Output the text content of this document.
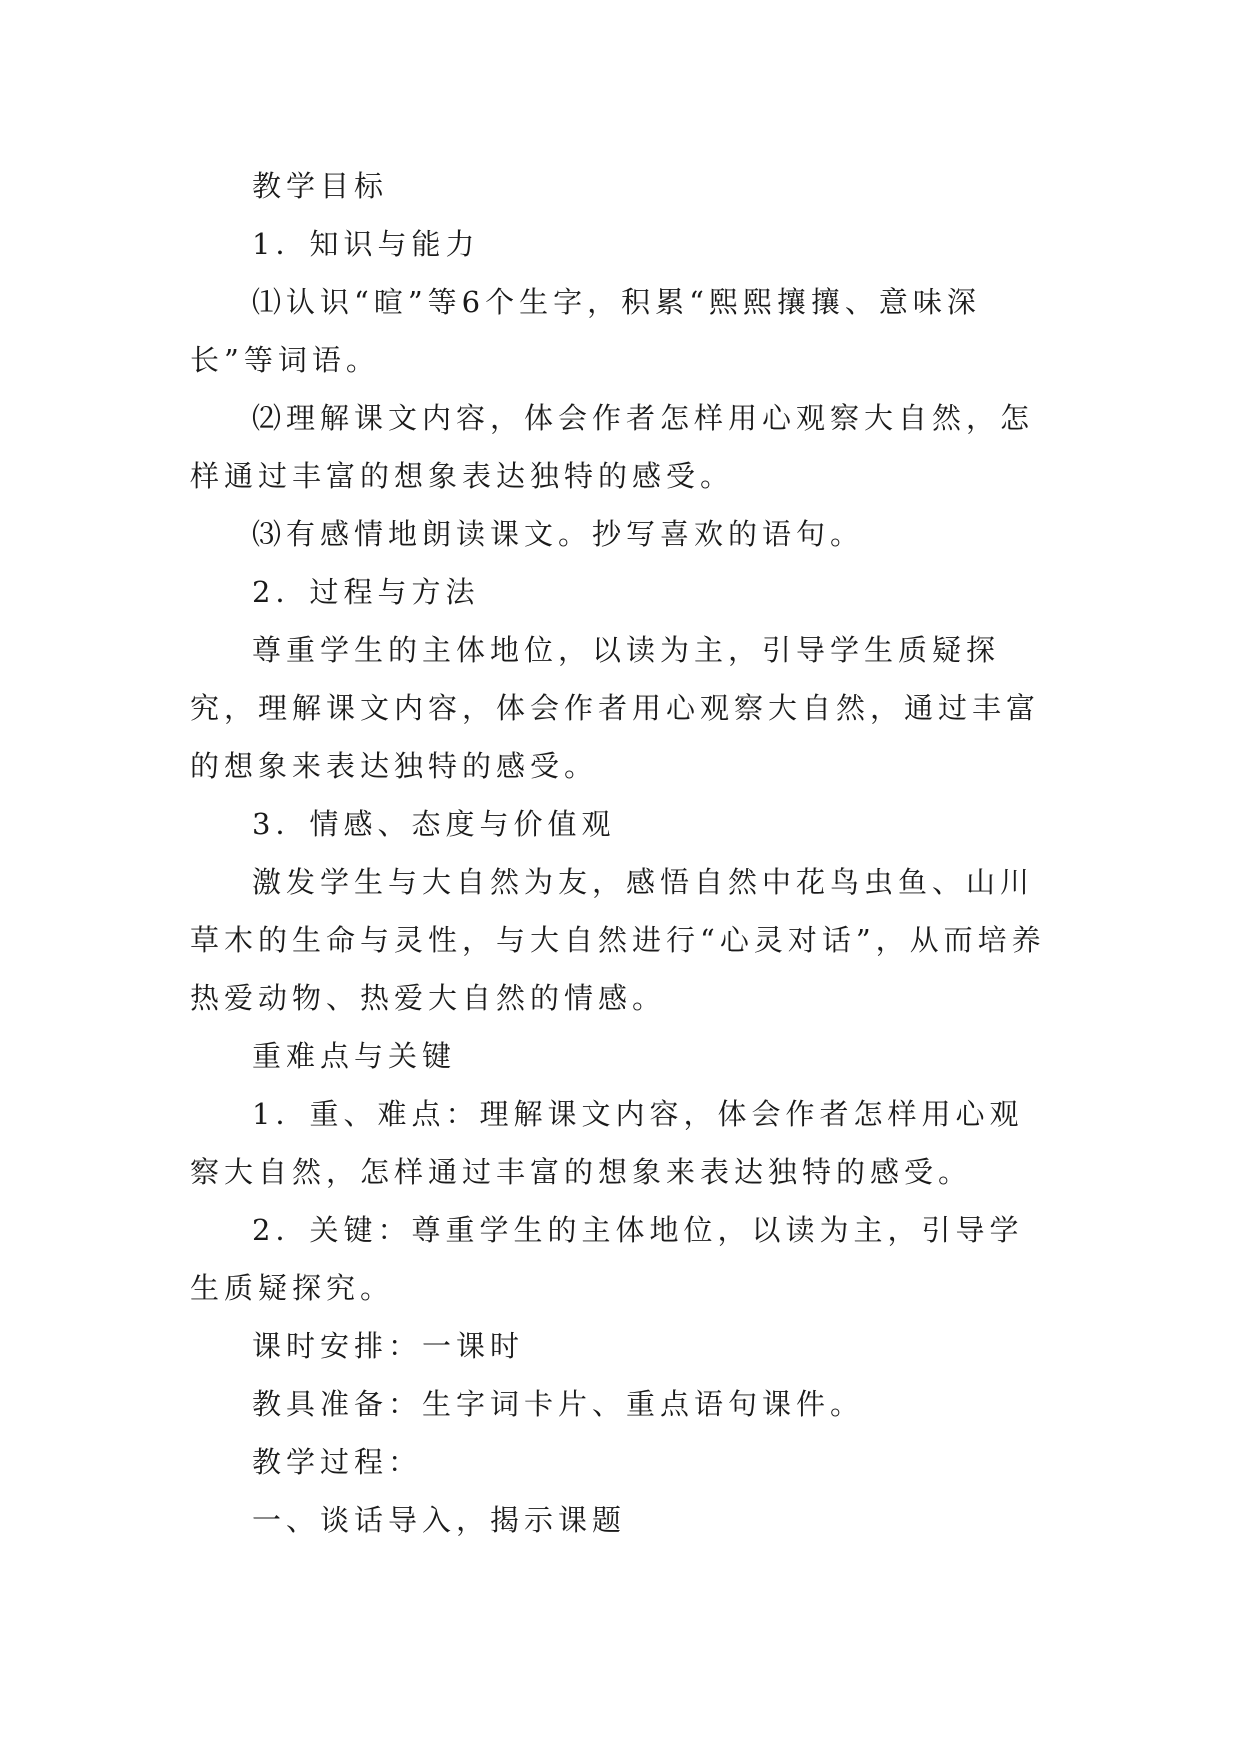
教学目标

1．知识与能力

⑴认识“暄”等6个生字，积累“熙熙攘攘、意味深长”等词语。

⑵理解课文内容，体会作者怎样用心观察大自然，怎样通过丰富的想象表达独特的感受。

⑶有感情地朗读课文。抄写喜欢的语句。

2．过程与方法

尊重学生的主体地位，以读为主，引导学生质疑探究，理解课文内容，体会作者用心观察大自然，通过丰富的想象来表达独特的感受。

3．情感、态度与价值观

激发学生与大自然为友，感悟自然中花鸟虫鱼、山川草木的生命与灵性，与大自然进行“心灵对话”，从而培养热爱动物、热爱大自然的情感。

重难点与关键

1．重、难点：理解课文内容，体会作者怎样用心观察大自然，怎样通过丰富的想象来表达独特的感受。

2．关键：尊重学生的主体地位，以读为主，引导学生质疑探究。

课时安排：一课时

教具准备：生字词卡片、重点语句课件。

教学过程：

一、谈话导入，揭示课题
